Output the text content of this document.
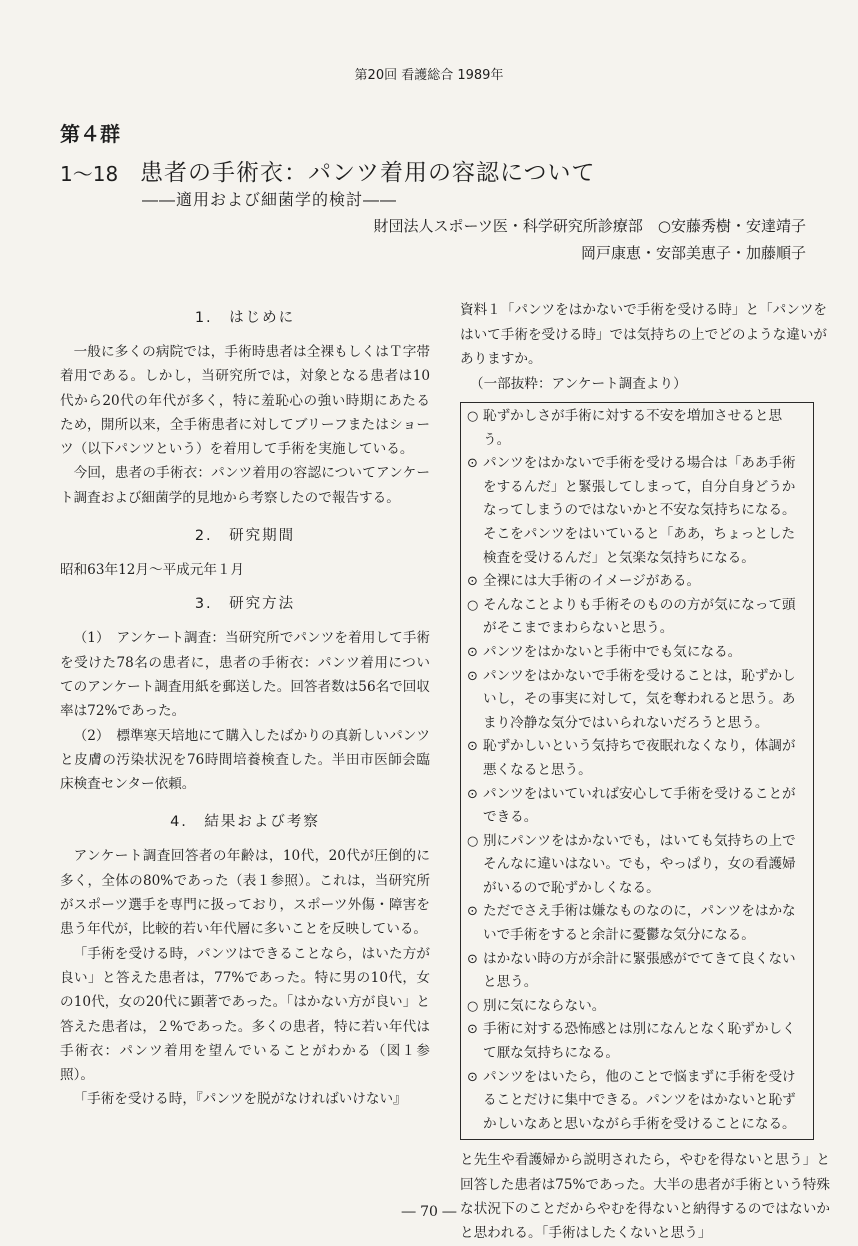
第20回 看護総合 1989年
第４群
1～18 患者の手術衣：パンツ着用の容認について
――適用および細菌学的検討――
財団法人スポーツ医・科学研究所診療部　○安藤秀樹・安達靖子
岡戸康恵・安部美恵子・加藤順子
1.　はじめに

一般に多くの病院では，手術時患者は全裸もしくはＴ字帯着用である。しかし，当研究所では，対象となる患者は10代から20代の年代が多く，特に羞恥心の強い時期にあたるため，開所以来，全手術患者に対してブリーフまたはショーツ（以下パンツという）を着用して手術を実施している。

今回，患者の手術衣：パンツ着用の容認についてアンケート調査および細菌学的見地から考察したので報告する。

2.　研究期間

昭和63年12月～平成元年１月

3.　研究方法

（1）　アンケート調査：当研究所でパンツを着用して手術を受けた78名の患者に，患者の手術衣：パンツ着用についてのアンケート調査用紙を郵送した。回答者数は56名で回収率は72%であった。

（2）　標準寒天培地にて購入したばかりの真新しいパンツと皮膚の汚染状況を76時間培養検査した。半田市医師会臨床検査センター依頼。

4.　結果および考察

アンケート調査回答者の年齢は，10代，20代が圧倒的に多く，全体の80%であった（表１参照）。これは，当研究所がスポーツ選手を専門に扱っており，スポーツ外傷・障害を患う年代が，比較的若い年代層に多いことを反映している。

「手術を受ける時，パンツはできることなら，はいた方が良い」と答えた患者は，77%であった。特に男の10代，女の10代，女の20代に顕著であった。「はかない方が良い」と答えた患者は，２%であった。多くの患者，特に若い年代は手術衣：パンツ着用を望んでいることがわかる（図１参照）。

「手術を受ける時，『パンツを脱がなければいけない』

資料１「パンツをはかないで手術を受ける時」と「パンツをはいて手術を受ける時」では気持ちの上でどのような違いがありますか。

（一部抜粋：アンケート調査より）

○ 恥ずかしさが手術に対する不安を増加させると思う。

⊙ パンツをはかないで手術を受ける場合は「ああ手術をするんだ」と緊張してしまって，自分自身どうかなってしまうのではないかと不安な気持ちになる。そこをパンツをはいていると「ああ，ちょっとした検査を受けるんだ」と気楽な気持ちになる。

⊙ 全裸には大手術のイメージがある。

○ そんなことよりも手術そのものの方が気になって頭がそこまでまわらないと思う。

⊙ パンツをはかないと手術中でも気になる。

⊙ パンツをはかないで手術を受けることは，恥ずかしいし，その事実に対して，気を奪われると思う。あまり冷静な気分ではいられないだろうと思う。

⊙ 恥ずかしいという気持ちで夜眠れなくなり，体調が悪くなると思う。

⊙ パンツをはいていれば安心して手術を受けることができる。

○ 別にパンツをはかないでも，はいても気持ちの上でそんなに違いはない。でも，やっぱり，女の看護婦がいるので恥ずかしくなる。

⊙ ただでさえ手術は嫌なものなのに，パンツをはかないで手術をすると余計に憂鬱な気分になる。

⊙ はかない時の方が余計に緊張感がでてきて良くないと思う。

○ 別に気にならない。

⊙ 手術に対する恐怖感とは別になんとなく恥ずかしくて厭な気持ちになる。

⊙ パンツをはいたら，他のことで悩まずに手術を受けることだけに集中できる。パンツをはかないと恥ずかしいなあと思いながら手術を受けることになる。

と先生や看護婦から説明されたら，やむを得ないと思う」と回答した患者は75%であった。大半の患者が手術という特殊な状況下のことだからやむを得ないと納得するのではないかと思われる。「手術はしたくないと思う」

― 70 ―
